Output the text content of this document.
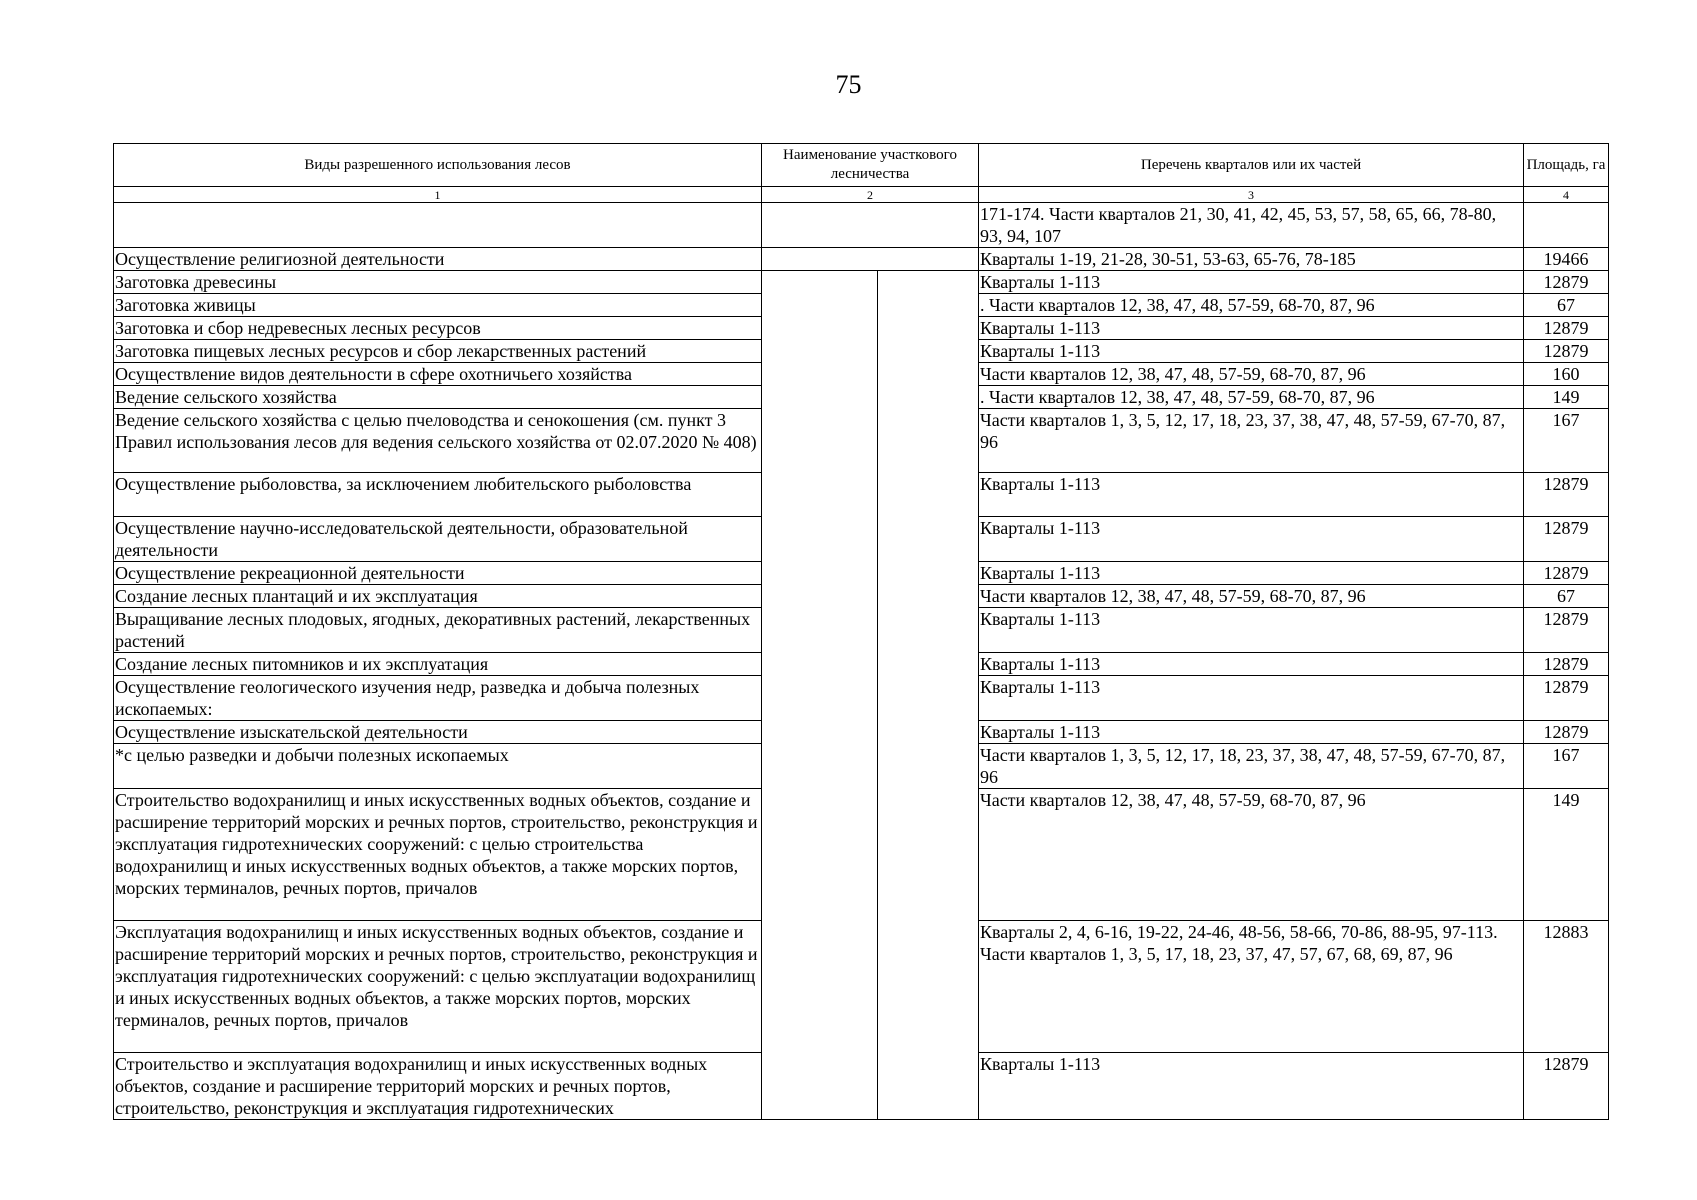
75
Виды разрешенного использования лесов	Наименование участкового лесничества		Перечень кварталов или их частей	Площадь, га
1	2		3	4
			171-174. Части кварталов 21, 30, 41, 42, 45, 53, 57, 58, 65, 66, 78-80, 93, 94, 107	
Осуществление религиозной деятельности			Кварталы 1-19, 21-28, 30-51, 53-63, 65-76, 78-185	19466
Заготовка древесины			Кварталы 1-113	12879
Заготовка живицы			. Части кварталов 12, 38, 47, 48, 57-59, 68-70, 87, 96	67
Заготовка и сбор недревесных лесных ресурсов			Кварталы 1-113	12879
Заготовка пищевых лесных ресурсов и сбор лекарственных растений			Кварталы 1-113	12879
Осуществление видов деятельности в сфере охотничьего хозяйства			Части кварталов 12, 38, 47, 48, 57-59, 68-70, 87, 96	160
Ведение сельского хозяйства			. Части кварталов 12, 38, 47, 48, 57-59, 68-70, 87, 96	149
Ведение сельского хозяйства с целью пчеловодства и сенокошения (см. пункт 3 Правил использования лесов для ведения сельского хозяйства от 02.07.2020 № 408)			Части кварталов 1, 3, 5, 12, 17, 18, 23, 37, 38, 47, 48, 57-59, 67-70, 87, 96	167
Осуществление рыболовства, за исключением любительского рыболовства			Кварталы 1-113	12879
Осуществление научно-исследовательской деятельности, образовательной деятельности			Кварталы 1-113	12879
Осуществление рекреационной деятельности			Кварталы 1-113	12879
Создание лесных плантаций и их эксплуатация			Части кварталов 12, 38, 47, 48, 57-59, 68-70, 87, 96	67
Выращивание лесных плодовых, ягодных, декоративных растений, лекарственных растений			Кварталы 1-113	12879
Создание лесных питомников и их эксплуатация			Кварталы 1-113	12879
Осуществление геологического изучения недр, разведка и добыча полезных ископаемых:			Кварталы 1-113	12879
Осуществление изыскательской деятельности			Кварталы 1-113	12879
*с целью разведки и добычи полезных ископаемых			Части кварталов 1, 3, 5, 12, 17, 18, 23, 37, 38, 47, 48, 57-59, 67-70, 87, 96	167
Строительство водохранилищ и иных искусственных водных объектов, создание и расширение территорий морских и речных портов, строительство, реконструкция и эксплуатация гидротехнических сооружений: с целью строительства водохранилищ и иных искусственных водных объектов, а также морских портов, морских терминалов, речных портов, причалов			Части кварталов 12, 38, 47, 48, 57-59, 68-70, 87, 96	149
Эксплуатация водохранилищ и иных искусственных водных объектов, создание и расширение территорий морских и речных портов, строительство, реконструкция и эксплуатация гидротехнических сооружений: с целью эксплуатации водохранилищ и иных искусственных водных объектов, а также морских портов, морских терминалов, речных портов, причалов			Кварталы 2, 4, 6-16, 19-22, 24-46, 48-56, 58-66, 70-86, 88-95, 97-113. Части кварталов 1, 3, 5, 17, 18, 23, 37, 47, 57, 67, 68, 69, 87, 96	12883
Строительство и эксплуатация водохранилищ и иных искусственных водных объектов, создание и расширение территорий морских и речных портов, строительство, реконструкция и эксплуатация гидротехнических			Кварталы 1-113	12879
